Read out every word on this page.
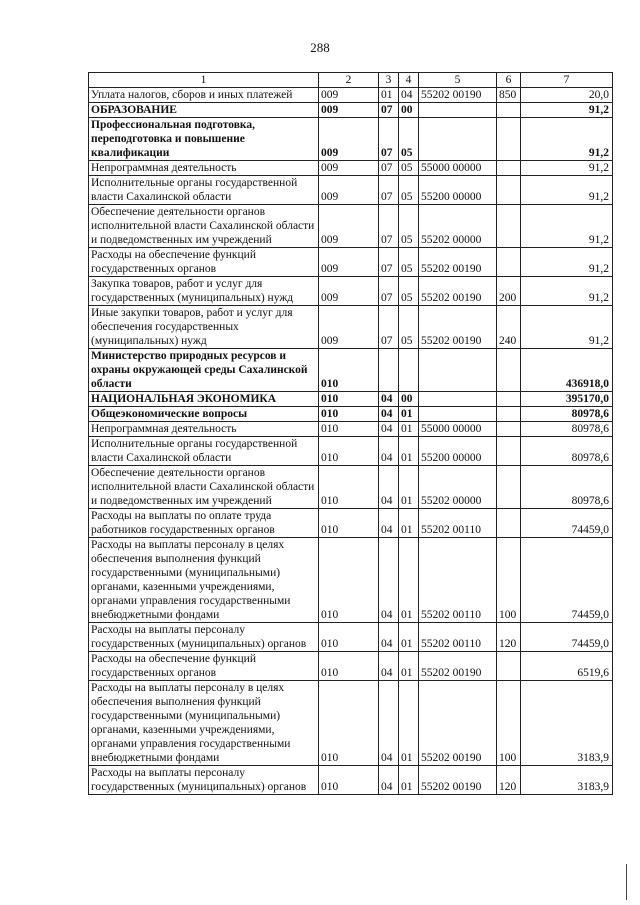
288
1	2	3	4	5	6	7
Уплата налогов, сборов и иных платежей	009	01	04	55202 00190	850	20,0
ОБРАЗОВАНИЕ	009	07	00			91,2
Профессиональная подготовка, переподготовка и повышение квалификации	009	07	05			91,2
Непрограммная деятельность	009	07	05	55000 00000		91,2
Исполнительные органы государственной власти Сахалинской области	009	07	05	55200 00000		91,2
Обеспечение деятельности органов исполнительной власти Сахалинской области и подведомственных им учреждений	009	07	05	55202 00000		91,2
Расходы на обеспечение функций государственных органов	009	07	05	55202 00190		91,2
Закупка товаров, работ и услуг для государственных (муниципальных) нужд	009	07	05	55202 00190	200	91,2
Иные закупки товаров, работ и услуг для обеспечения государственных (муниципальных) нужд	009	07	05	55202 00190	240	91,2
Министерство природных ресурсов и охраны окружающей среды Сахалинской области	010					436918,0
НАЦИОНАЛЬНАЯ ЭКОНОМИКА	010	04	00			395170,0
Общеэкономические вопросы	010	04	01			80978,6
Непрограммная деятельность	010	04	01	55000 00000		80978,6
Исполнительные органы государственной власти Сахалинской области	010	04	01	55200 00000		80978,6
Обеспечение деятельности органов исполнительной власти Сахалинской области и подведомственных им учреждений	010	04	01	55202 00000		80978,6
Расходы на выплаты по оплате труда работников государственных органов	010	04	01	55202 00110		74459,0
Расходы на выплаты персоналу в целях обеспечения выполнения функций государственными (муниципальными) органами, казенными учреждениями, органами управления государственными внебюджетными фондами	010	04	01	55202 00110	100	74459,0
Расходы на выплаты персоналу государственных (муниципальных) органов	010	04	01	55202 00110	120	74459,0
Расходы на обеспечение функций государственных органов	010	04	01	55202 00190		6519,6
Расходы на выплаты персоналу в целях обеспечения выполнения функций государственными (муниципальными) органами, казенными учреждениями, органами управления государственными внебюджетными фондами	010	04	01	55202 00190	100	3183,9
Расходы на выплаты персоналу государственных (муниципальных) органов	010	04	01	55202 00190	120	3183,9
